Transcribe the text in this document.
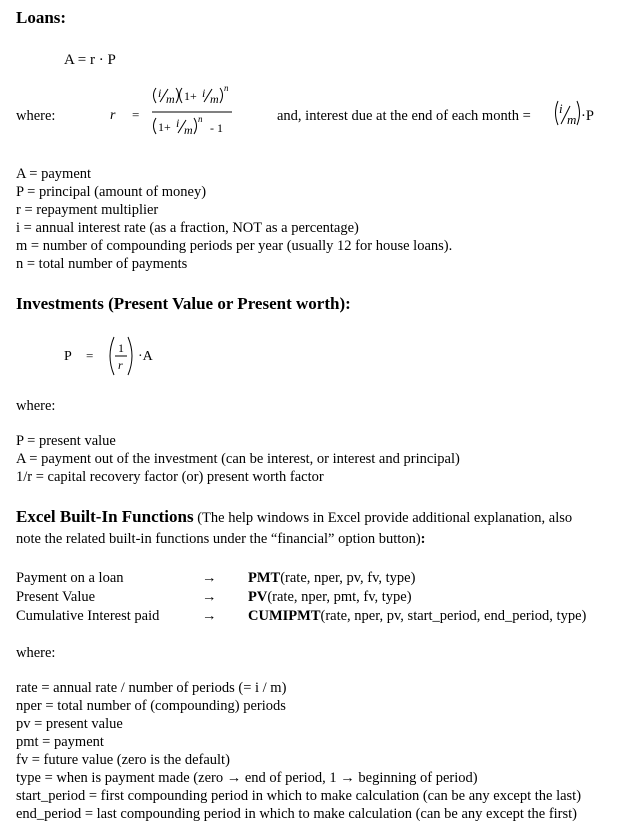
Loans:
A = r · P
where:	r =
i m 1+ i m
n
1+ i m
n
- 1
and, interest due at the end of each month = i
m ·P
A = payment
P = principal (amount of money)
r = repayment multiplier
i = annual interest rate (as a fraction, NOT as a percentage)
m = number of compounding periods per year (usually 12 for house loans).
n = total number of payments
Investments (Present Value or Present worth):
P = 1
r
·A
where:
P = present value
A = payment out of the investment (can be interest, or interest and principal)
1/r = capital recovery factor (or) present worth factor
Excel Built-In Functions (The help windows in Excel provide additional explanation, also
note the related built-in functions under the “financial” option button):
Payment on a loan	→ PMT(rate, nper, pv, fv, type)
Present Value	→ PV(rate, nper, pmt, fv, type)
Cumulative Interest paid	→ CUMIPMT(rate, nper, pv, start_period, end_period, type)
where:
rate = annual rate / number of periods (= i / m)
nper = total number of (compounding) periods
pv = present value
pmt = payment
fv = future value (zero is the default)
type = when is payment made (zero → end of period, 1 → beginning of period)
start_period = first compounding period in which to make calculation (can be any except the last)
end_period = last compounding period in which to make calculation (can be any except the first)
